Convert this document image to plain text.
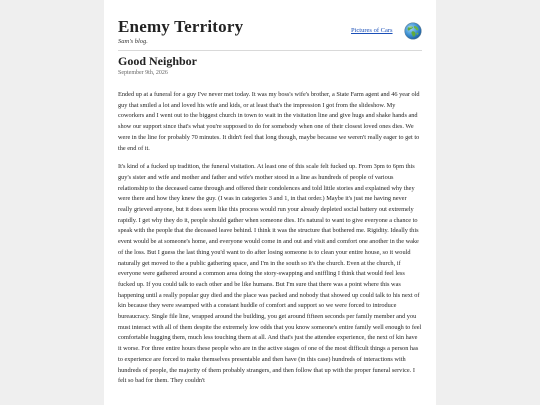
Enemy Territory
Sam's blog.
Pictures of Cars
Good Neighbor
September 9th, 2026

Ended up at a funeral for a guy I've never met today. It was my boss's wife's brother, a State Farm agent and 46 year old guy that smiled a lot and loved his wife and kids, or at least that's the impression I got from the slideshow. My coworkers and I went out to the biggest church in town to wait in the visitation line and give hugs and shake hands and show our support since that's what you're supposed to do for somebody when one of their closest loved ones dies. We were in the line for probably 70 minutes. It didn't feel that long though, maybe because we weren't really eager to get to the end of it.

It's kind of a fucked up tradition, the funeral visitation. At least one of this scale felt fucked up. From 3pm to 6pm this guy's sister and wife and mother and father and wife's mother stood in a line as hundreds of people of various relationship to the deceased came through and offered their condolences and told little stories and explained why they were there and how they knew the guy. (I was in categories 3 and 1, in that order.) Maybe it's just me having never really grieved anyone, but it does seem like this process would run your already depleted social battery out extremely rapidly. I get why they do it, people should gather when someone dies. It's natural to want to give everyone a chance to speak with the people that the deceased leave behind. I think it was the structure that bothered me. Rigidity. Ideally this event would be at someone's home, and everyone would come in and out and visit and comfort one another in the wake of the loss. But I guess the last thing you'd want to do after losing someone is to clean your entire house, so it would naturally get moved to the a public gathering space, and I'm in the south so it's the church. Even at the church, if everyone were gathered around a common area doing the story-swapping and sniffling I think that would feel less fucked up. If you could talk to each other and be like humans. But I'm sure that there was a point where this was happening until a really popular guy died and the place was packed and nobody that showed up could talk to his next of kin because they were swamped with a constant huddle of comfort and support so we were forced to introduce bureaucracy. Single file line, wrapped around the building, you get around fifteen seconds per family member and you must interact with all of them despite the extremely low odds that you know someone's entire family well enough to feel comfortable hugging them, much less touching them at all. And that's just the attendee experience, the next of kin have it worse. For three entire hours these people who are in the active stages of one of the most difficult things a person has to experience are forced to make themselves presentable and then have (in this case) hundreds of interactions with hundreds of people, the majority of them probably strangers, and then follow that up with the proper funeral service. I felt so bad for them. They couldn't
